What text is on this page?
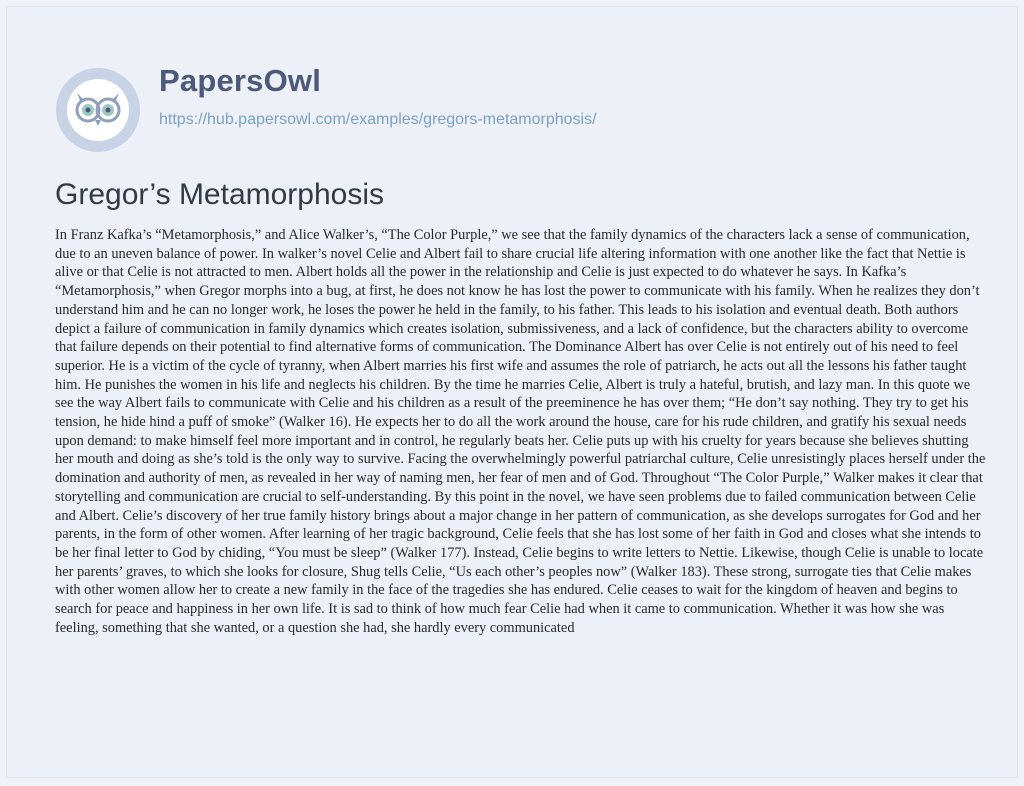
PapersOwl
https://hub.papersowl.com/examples/gregors-metamorphosis/
Gregor’s Metamorphosis

In Franz Kafka’s “Metamorphosis,” and Alice Walker’s, “The Color Purple,” we see that the family dynamics of the characters lack a sense of communication, due to an uneven balance of power. In walker’s novel Celie and Albert fail to share crucial life altering information with one another like the fact that Nettie is alive or that Celie is not attracted to men. Albert holds all the power in the relationship and Celie is just expected to do whatever he says. In Kafka’s “Metamorphosis,” when Gregor morphs into a bug, at first, he does not know he has lost the power to communicate with his family. When he realizes they don’t understand him and he can no longer work, he loses the power he held in the family, to his father. This leads to his isolation and eventual death. Both authors depict a failure of communication in family dynamics which creates isolation, submissiveness, and a lack of confidence, but the characters ability to overcome that failure depends on their potential to find alternative forms of communication. The Dominance Albert has over Celie is not entirely out of his need to feel superior. He is a victim of the cycle of tyranny, when Albert marries his first wife and assumes the role of patriarch, he acts out all the lessons his father taught him. He punishes the women in his life and neglects his children. By the time he marries Celie, Albert is truly a hateful, brutish, and lazy man. In this quote we see the way Albert fails to communicate with Celie and his children as a result of the preeminence he has over them; “He don’t say nothing. They try to get his tension, he hide hind a puff of smoke” (Walker 16). He expects her to do all the work around the house, care for his rude children, and gratify his sexual needs upon demand: to make himself feel more important and in control, he regularly beats her. Celie puts up with his cruelty for years because she believes shutting her mouth and doing as she’s told is the only way to survive. Facing the overwhelmingly powerful patriarchal culture, Celie unresistingly places herself under the domination and authority of men, as revealed in her way of naming men, her fear of men and of God. Throughout “The Color Purple,” Walker makes it clear that storytelling and communication are crucial to self-understanding. By this point in the novel, we have seen problems due to failed communication between Celie and Albert. Celie’s discovery of her true family history brings about a major change in her pattern of communication, as she develops surrogates for God and her parents, in the form of other women. After learning of her tragic background, Celie feels that she has lost some of her faith in God and closes what she intends to be her final letter to God by chiding, “You must be sleep” (Walker 177). Instead, Celie begins to write letters to Nettie. Likewise, though Celie is unable to locate her parents’ graves, to which she looks for closure, Shug tells Celie, “Us each other’s peoples now” (Walker 183). These strong, surrogate ties that Celie makes with other women allow her to create a new family in the face of the tragedies she has endured. Celie ceases to wait for the kingdom of heaven and begins to search for peace and happiness in her own life. It is sad to think of how much fear Celie had when it came to communication. Whether it was how she was feeling, something that she wanted, or a question she had, she hardly every communicated
